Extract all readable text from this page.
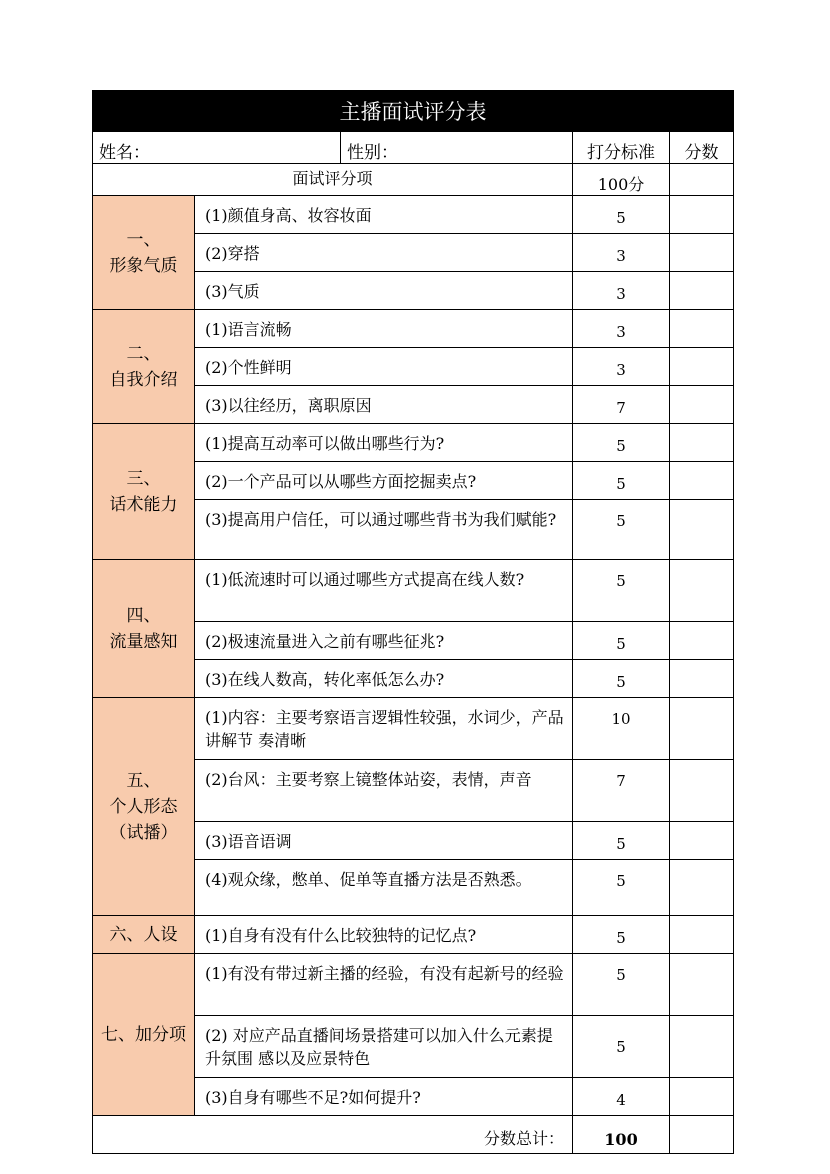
主播面试评分表				
姓名：		性别：	打分标准	分数
面试评分项			100分	

一、
形象气质	(1)颜值身高、妆容妆面		5	
	(2)穿搭		3	
	(3)气质		3	

二、
自我介绍	(1)语言流畅		3	
	(2)个性鲜明		3	
	(3)以往经历，离职原因		7	

三、
话术能力	(1)提高互动率可以做出哪些行为?		5	
	(2)一个产品可以从哪些方面挖掘卖点?		5	
	(3)提高用户信任，可以通过哪些背书为我们赋能?		5	

四、
流量感知	(1)低流速时可以通过哪些方式提高在线人数?		5	
	(2)极速流量进入之前有哪些征兆?		5	
	(3)在线人数高，转化率低怎么办?		5	

五、
个人形态
（试播）	(1)内容：主要考察语言逻辑性较强，水词少，产品讲解节 奏清晰		10	
	(2)台风：主要考察上镜整体站姿，表情，声音		7	
	(3)语音语调		5	
	(4)观众缘，憋单、促单等直播方法是否熟悉。		5	

六、人设	(1)自身有没有什么比较独特的记忆点?		5	

七、加分项	(1)有没有带过新主播的经验，有没有起新号的经验		5	
	(2) 对应产品直播间场景搭建可以加入什么元素提升氛围 感以及应景特色		5	
	(3)自身有哪些不足?如何提升?		4	
分数总计：			100	
